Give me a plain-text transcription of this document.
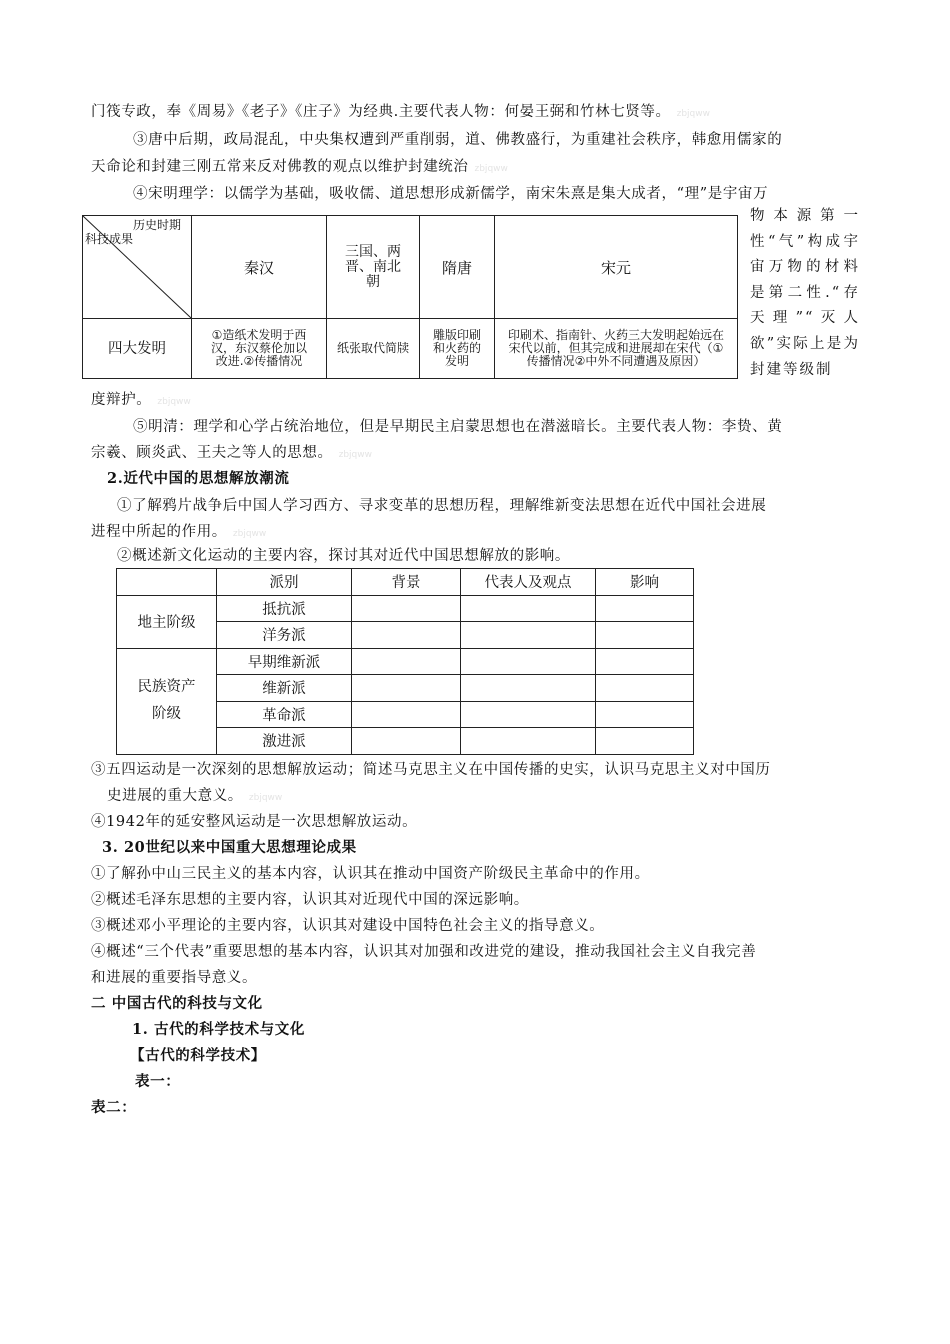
门筏专政，奉《周易》《老子》《庄子》为经典.主要代表人物：何晏王弼和竹林七贤等。 zbjqww
③唐中后期，政局混乱，中央集权遭到严重削弱，道、佛教盛行，为重建社会秩序，韩愈用儒家的
天命论和封建三刚五常来反对佛教的观点以维护封建统治 zbjqww
④宋明理学：以儒学为基础，吸收儒、道思想形成新儒学，南宋朱熹是集大成者，“理”是宇宙万
物本源第一性“气”构成宇宙万物的材料是第二性.“存天理”“灭人欲”实际上是为封建等级制
历史时期
科技成果	秦汉	三国、两晋、南北朝	隋唐	宋元
四大发明	①造纸术发明于西汉，东汉蔡伦加以改进.②传播情况	纸张取代简牍	雕版印刷和火药的发明	印刷术、指南针、火药三大发明起始远在宋代以前，但其完成和进展却在宋代（①传播情况②中外不同遭遇及原因）
度辩护。 zbjqww
⑤明清：理学和心学占统治地位，但是早期民主启蒙思想也在潜滋暗长。主要代表人物：李贽、黄
宗羲、顾炎武、王夫之等人的思想。 zbjqww
2.近代中国的思想解放潮流
①了解鸦片战争后中国人学习西方、寻求变革的思想历程，理解维新变法思想在近代中国社会进展
进程中所起的作用。 zbjqww
②概述新文化运动的主要内容，探讨其对近代中国思想解放的影响。
	派别	背景	代表人及观点	影响
地主阶级	抵抗派			
	洋务派			
民族资产阶级	早期维新派			
	维新派			
	革命派			
	激进派			
③五四运动是一次深刻的思想解放运动；简述马克思主义在中国传播的史实，认识马克思主义对中国历
史进展的重大意义。 zbjqww
④1942年的延安整风运动是一次思想解放运动。
3. 20世纪以来中国重大思想理论成果
①了解孙中山三民主义的基本内容，认识其在推动中国资产阶级民主革命中的作用。
②概述毛泽东思想的主要内容，认识其对近现代中国的深远影响。
③概述邓小平理论的主要内容，认识其对建设中国特色社会主义的指导意义。
④概述“三个代表”重要思想的基本内容，认识其对加强和改进党的建设，推动我国社会主义自我完善
和进展的重要指导意义。
二 中国古代的科技与文化
1. 古代的科学技术与文化
【古代的科学技术】
表一：
表二：
